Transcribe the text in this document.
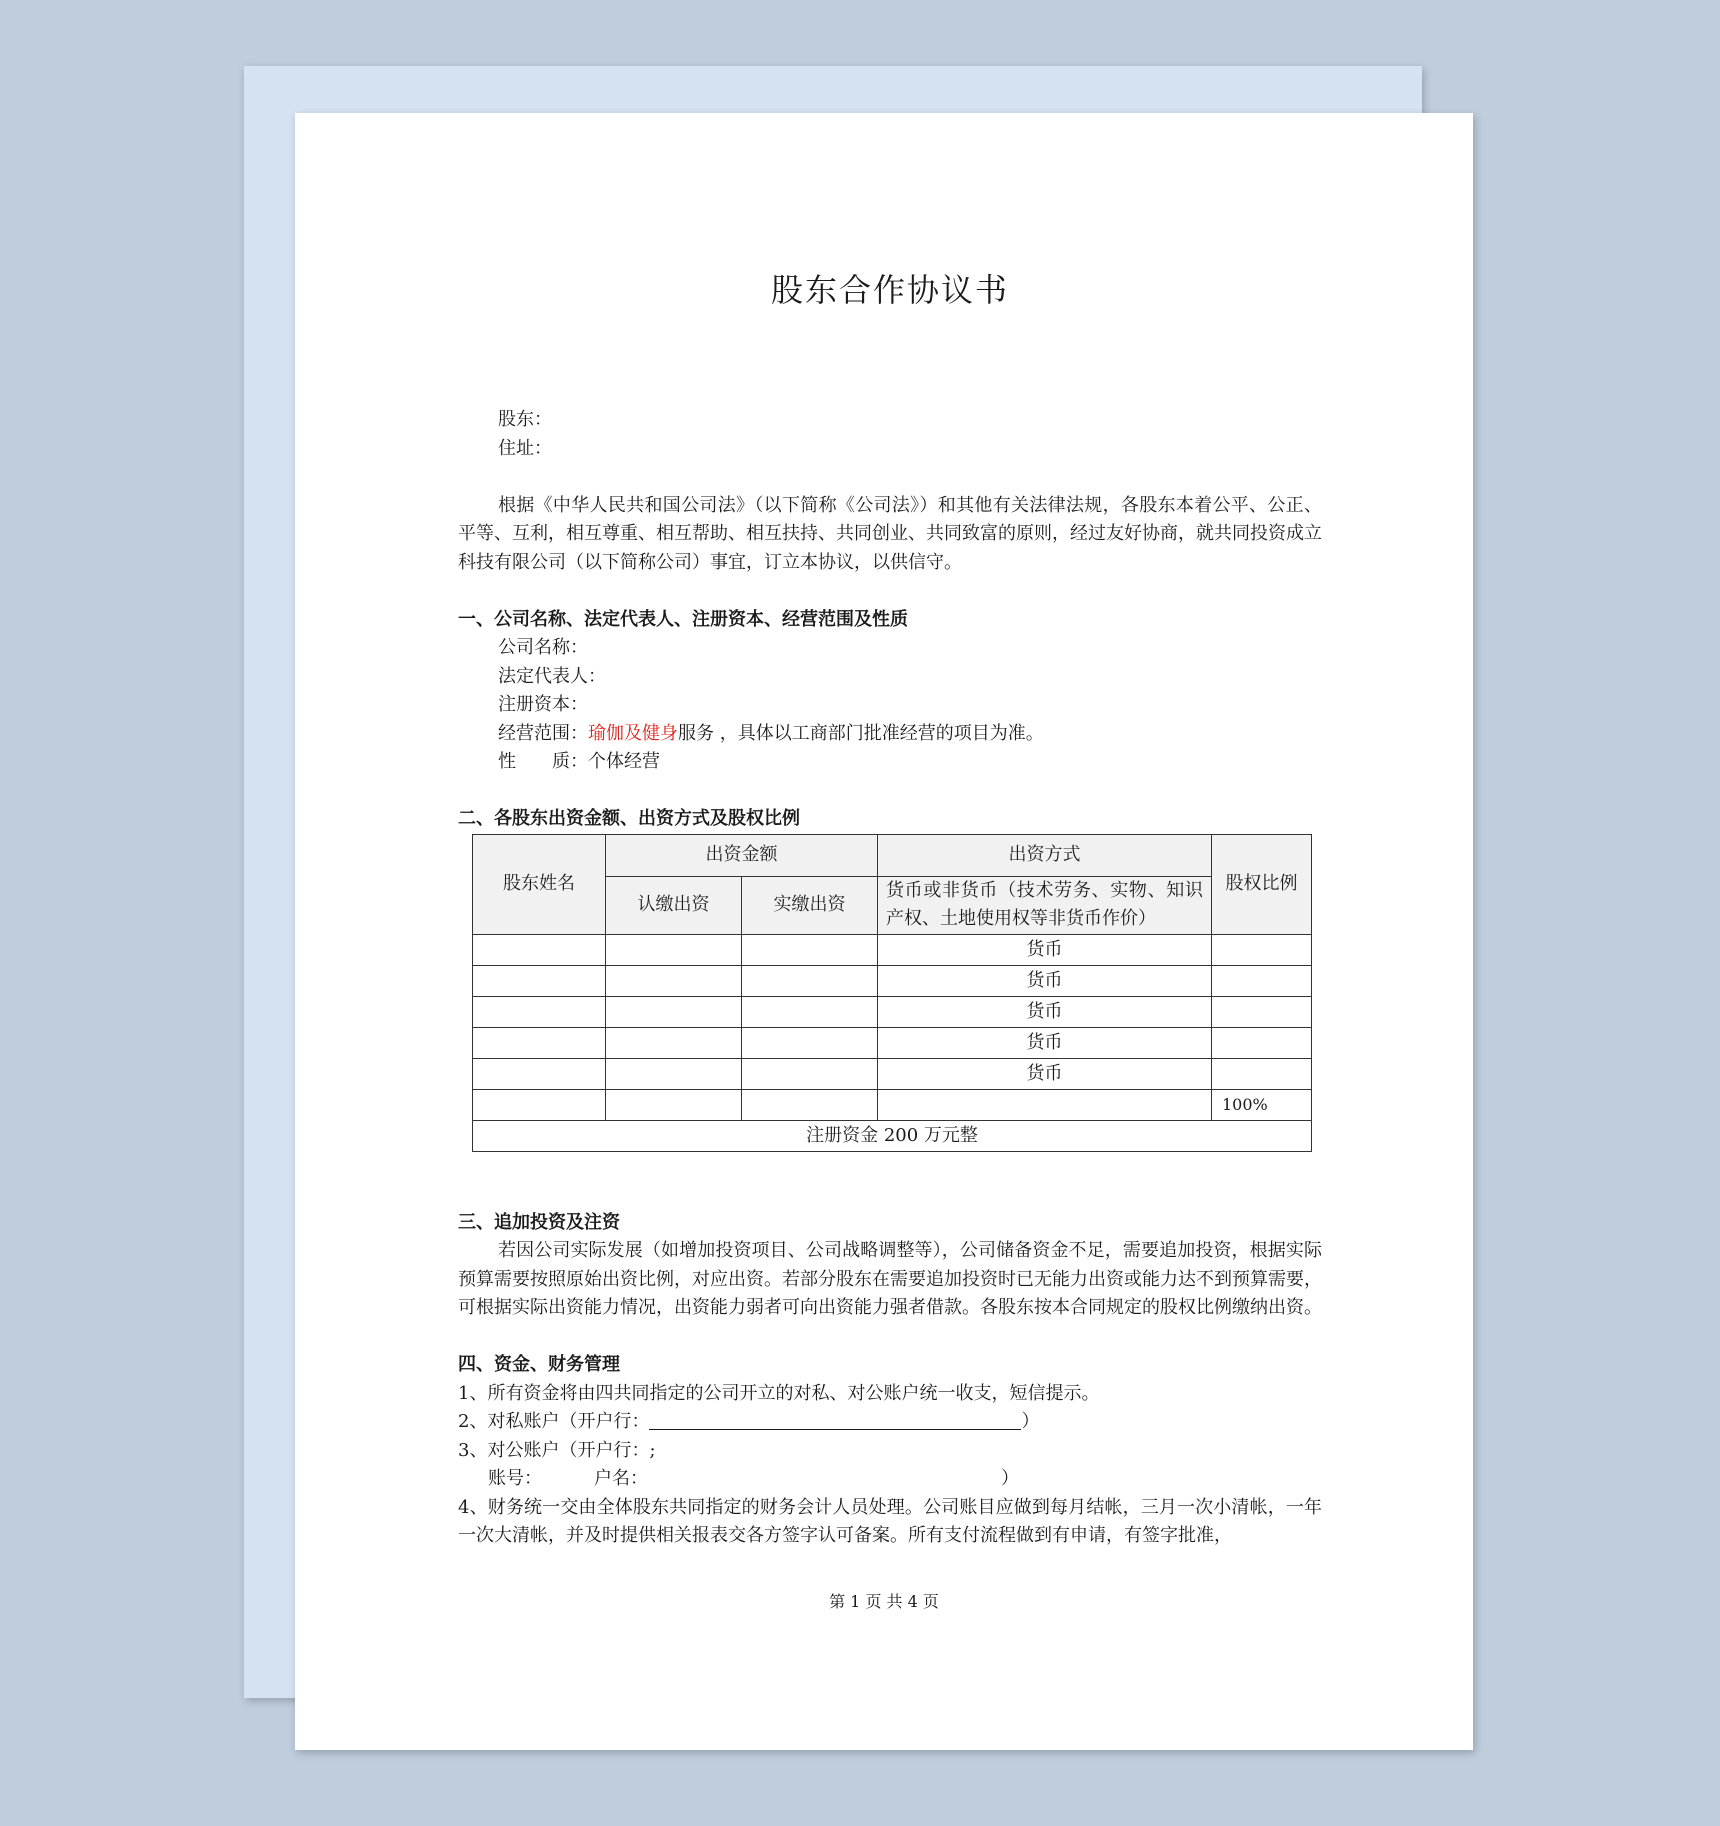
股东合作协议书
股东：
住址：
根据《中华人民共和国公司法》（以下简称《公司法》）和其他有关法律法规，各股东本着公平、公正、平等、互利，相互尊重、相互帮助、相互扶持、共同创业、共同致富的原则，经过友好协商，就共同投资成立科技有限公司（以下简称公司）事宜，订立本协议，以供信守。
一、公司名称、法定代表人、注册资本、经营范围及性质
公司名称：
法定代表人：
注册资本：
经营范围：瑜伽及健身服务 ，具体以工商部门批准经营的项目为准。
性　　质：个体经营
二、各股东出资金额、出资方式及股权比例
股东姓名	出资金额		出资方式	股权比例
	认缴出资	实缴出资	货币或非货币（技术劳务、实物、知识产权、土地使用权等非货币作价）	
			货币	
			货币	
			货币	
			货币	
			货币	
				100%
注册资金 200 万元整				
三、追加投资及注资
若因公司实际发展（如增加投资项目、公司战略调整等），公司储备资金不足，需要追加投资，根据实际预算需要按照原始出资比例，对应出资。若部分股东在需要追加投资时已无能力出资或能力达不到预算需要，可根据实际出资能力情况，出资能力弱者可向出资能力强者借款。各股东按本合同规定的股权比例缴纳出资。
四、资金、财务管理
1、所有资金将由四共同指定的公司开立的对私、对公账户统一收支，短信提示。
2、对私账户（开户行：	）
3、对公账户（开户行：;
账号：	户名：	）
4、财务统一交由全体股东共同指定的财务会计人员处理。公司账目应做到每月结帐，三月一次小清帐，一年一次大清帐，并及时提供相关报表交各方签字认可备案。所有支付流程做到有申请，有签字批准，
第 1 页 共 4 页
